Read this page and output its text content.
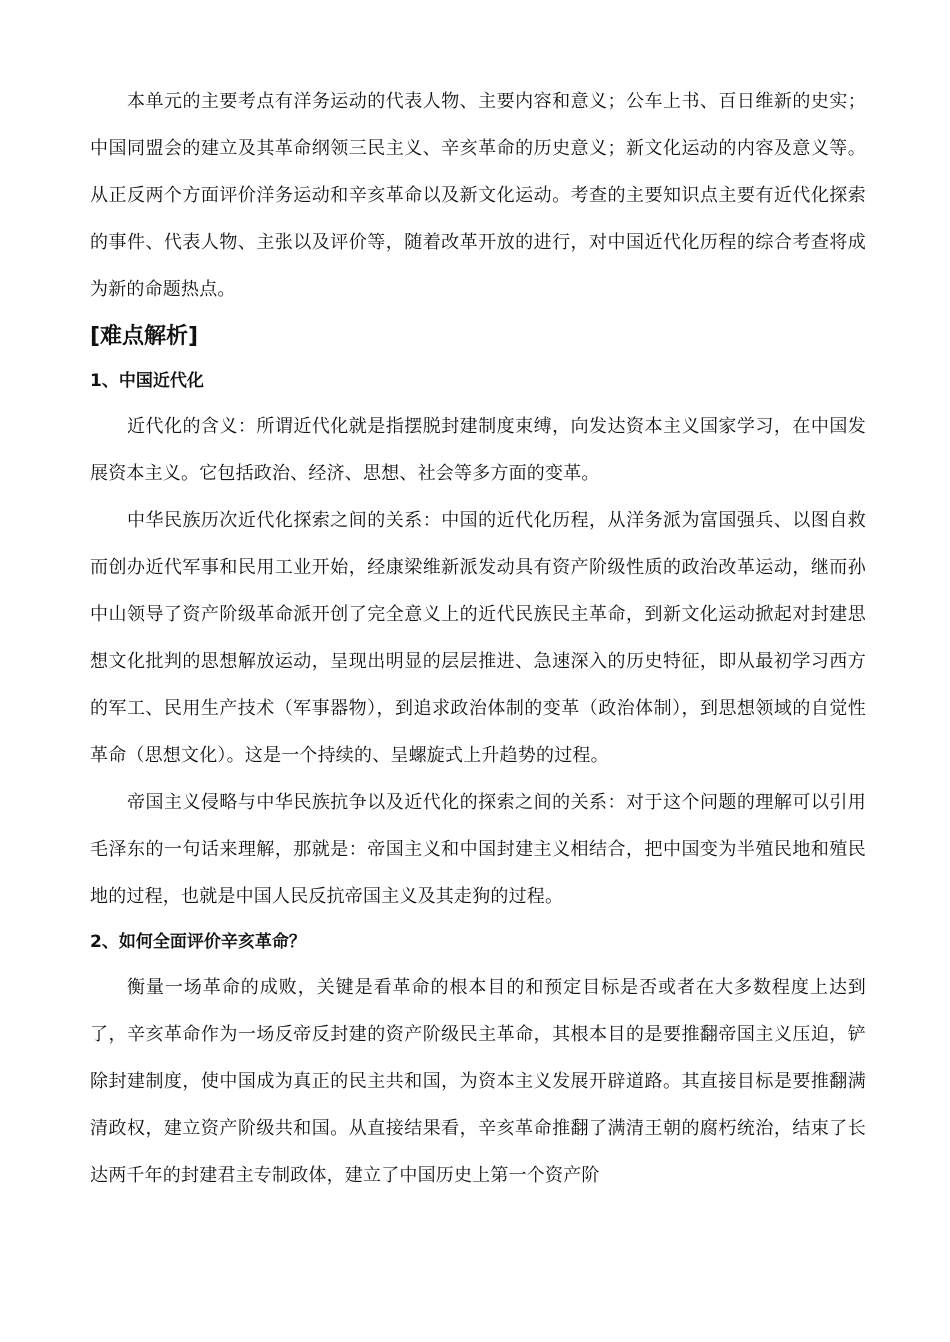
本单元的主要考点有洋务运动的代表人物、主要内容和意义；公车上书、百日维新的史实；中国同盟会的建立及其革命纲领三民主义、辛亥革命的历史意义；新文化运动的内容及意义等。从正反两个方面评价洋务运动和辛亥革命以及新文化运动。考查的主要知识点主要有近代化探索的事件、代表人物、主张以及评价等，随着改革开放的进行，对中国近代化历程的综合考查将成为新的命题热点。

[难点解析]
1、中国近代化

近代化的含义：所谓近代化就是指摆脱封建制度束缚，向发达资本主义国家学习，在中国发展资本主义。它包括政治、经济、思想、社会等多方面的变革。

中华民族历次近代化探索之间的关系：中国的近代化历程，从洋务派为富国强兵、以图自救而创办近代军事和民用工业开始，经康梁维新派发动具有资产阶级性质的政治改革运动，继而孙中山领导了资产阶级革命派开创了完全意义上的近代民族民主革命，到新文化运动掀起对封建思想文化批判的思想解放运动，呈现出明显的层层推进、急速深入的历史特征，即从最初学习西方的军工、民用生产技术（军事器物），到追求政治体制的变革（政治体制），到思想领域的自觉性革命（思想文化）。这是一个持续的、呈螺旋式上升趋势的过程。

帝国主义侵略与中华民族抗争以及近代化的探索之间的关系：对于这个问题的理解可以引用毛泽东的一句话来理解，那就是：帝国主义和中国封建主义相结合，把中国变为半殖民地和殖民地的过程，也就是中国人民反抗帝国主义及其走狗的过程。

2、如何全面评价辛亥革命？

衡量一场革命的成败，关键是看革命的根本目的和预定目标是否或者在大多数程度上达到了，辛亥革命作为一场反帝反封建的资产阶级民主革命，其根本目的是要推翻帝国主义压迫，铲除封建制度，使中国成为真正的民主共和国，为资本主义发展开辟道路。其直接目标是要推翻满清政权，建立资产阶级共和国。从直接结果看，辛亥革命推翻了满清王朝的腐朽统治，结束了长达两千年的封建君主专制政体，建立了中国历史上第一个资产阶
